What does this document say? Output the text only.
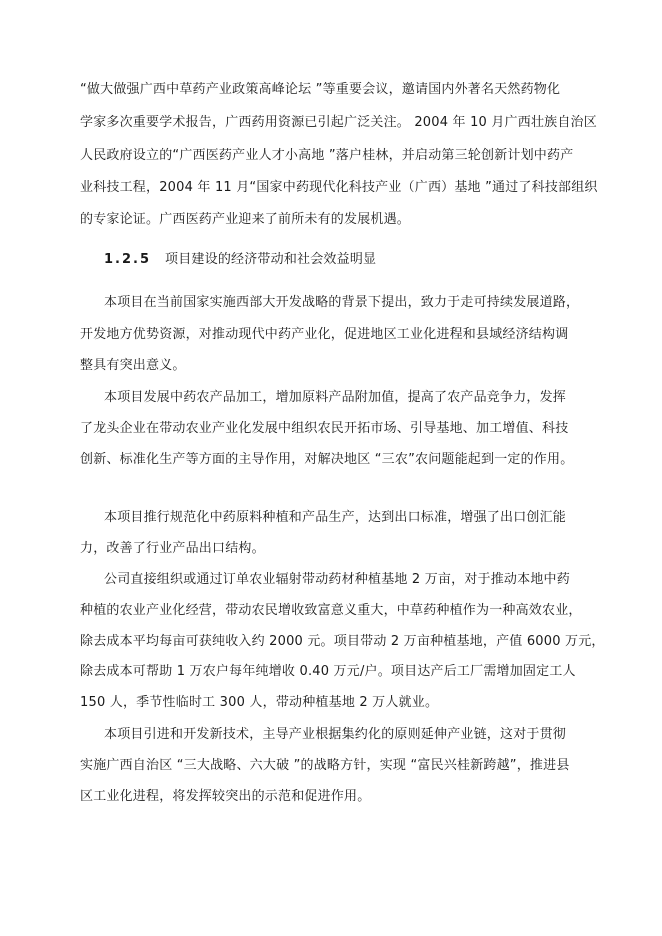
“做大做强广西中草药产业政策高峰论坛 ”等重要会议，邀请国内外著名天然药物化
学家多次重要学术报告，广西药用资源已引起广泛关注。 2004 年 10 月广西壮族自治区
人民政府设立的“广西医药产业人才小高地 ”落户桂林，并启动第三轮创新计划中药产
业科技工程，2004 年 11 月“国家中药现代化科技产业（广西）基地 ”通过了科技部组织
的专家论证。广西医药产业迎来了前所未有的发展机遇。
1.2.5 项目建设的经济带动和社会效益明显
本项目在当前国家实施西部大开发战略的背景下提出，致力于走可持续发展道路，
开发地方优势资源，对推动现代中药产业化，促进地区工业化进程和县域经济结构调
整具有突出意义。
本项目发展中药农产品加工，增加原料产品附加值，提高了农产品竞争力，发挥
了龙头企业在带动农业产业化发展中组织农民开拓市场、引导基地、加工增值、科技
创新、标准化生产等方面的主导作用，对解决地区 “三农”农问题能起到一定的作用。
本项目推行规范化中药原料种植和产品生产，达到出口标准，增强了出口创汇能
力，改善了行业产品出口结构。
公司直接组织或通过订单农业辐射带动药材种植基地 2 万亩，对于推动本地中药
种植的农业产业化经营，带动农民增收致富意义重大，中草药种植作为一种高效农业，
除去成本平均每亩可获纯收入约 2000 元。项目带动 2 万亩种植基地，产值 6000 万元，
除去成本可帮助 1 万农户每年纯增收 0.40 万元/户。项目达产后工厂需增加固定工人
150 人，季节性临时工 300 人，带动种植基地 2 万人就业。
本项目引进和开发新技术，主导产业根据集约化的原则延伸产业链，这对于贯彻
实施广西自治区 “三大战略、六大破 ”的战略方针，实现 “富民兴桂新跨越”，推进县
区工业化进程，将发挥较突出的示范和促进作用。
